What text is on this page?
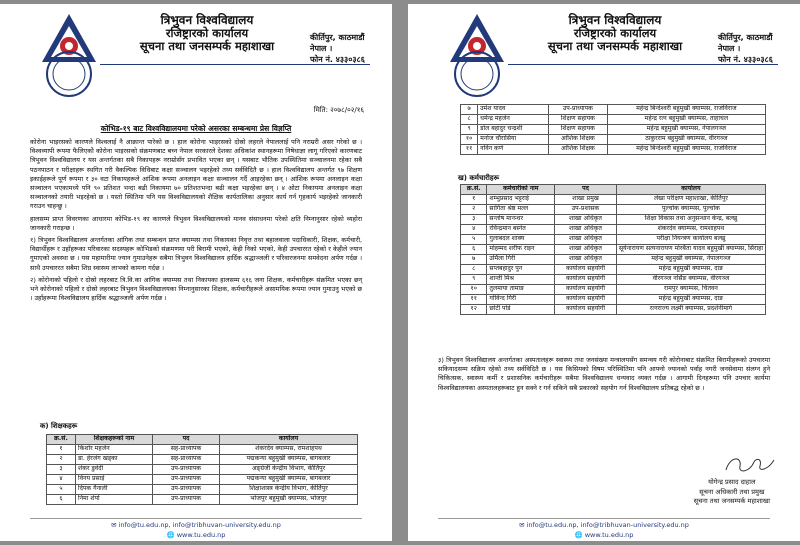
त्रिभुवन विश्वविद्यालय
रजिष्ट्रारको कार्यालय
सूचना तथा जनसम्पर्क महाशाखा
कीर्तिपुर, काठमाडौं
नेपाल ।
फोन नं. ४३३०३८६
मिति: २०७८/०२/१६
कोभिड-१९ बाट विश्वविद्यालयमा परेको असरका सम्बन्धमा प्रेस विज्ञप्ति

कोरोना भाइरसको कारणले विश्वलाई नै आक्रान्त पारेको छ । हाल कोरोना भाइरसको दोस्रो लहरले नेपाललाई पनि नराम्ररी असर गरेको छ । विश्वव्यापी रूपमा फैलिएकोे कोरोना भाइरसको संक्रमणबाट बच्न नेपाल सरकारले देशका अधिकांश स्थानहरूमा निषेधाज्ञा लागू गरिएको कारणबाट त्रिभुवन विश्वविद्यालय र यस अन्तर्गतका सबै निकायहरू नराम्रोसँग प्रभावित भएका छन् । यसबाट भौतिक उपस्थितिमा सञ्चालनमा रहेका सबै पठनपाठन र परीक्षाहरू स्थगित गरी वैकल्पिक विधिबाट कक्षा सञ्चालन भइरहेको तथ्य सर्वविदितै छ । हाल विश्वविद्यालय अन्तर्गत ९७ शिक्षण इकाईहरूले पूर्ण रूपमा र ३० वटा निकायहरूले आंशिक रूपमा अनलाइन कक्षा सञ्चालन गर्दै आइरहेका छन् । आंशिक रूपमा अनलाइन कक्षा सञ्चालन भएकामध्ये पनि ९० प्रतिशत भन्दा बढी निकायमा ७० प्रतिशतभन्दा बढी कक्षा भइरहेका छन् । ४ ओटा निकायमा अनलाइन कक्षा सञ्चालनको तयारी भइरहेको छ । यस्तो स्थितिमा पनि यस विश्वविद्यालयको शैक्षिक कार्यतालिका अनुसार कार्य गर्न गृहकार्य भइरहेको जानकारी गराउन चाहन्छु ।

हालसम्म प्राप्त विवरणका आधारमा कोभिड-१९ का कारणले त्रिभुवन विश्वविद्यालयको मानव संसाधनमा परेको क्षति निम्नानुसार रहेको व्यहोरा जानकारी गराइन्छ ।

१) त्रिभुवन विश्वविद्यालय अन्तर्गतका आंगिक तथा सम्बन्धन प्राप्त क्याम्पस तथा निकायका निवृत्त तथा बहालवाला पदाधिकारी, शिक्षक, कर्मचारी, विद्यार्थीहरू र उहाँहरूका परिवारका सदस्यहरू कोभिडको संक्रमणमा परी बिरामी भएको, केही निको भएको, केही उपचाररत रहेको र केहीले ज्यान गुमाएको अवस्था छ । यस महामारीमा ज्यान गुमाउनेहरू सबैमा त्रिभुवन विश्वविद्यालय हार्दिक श्रद्धाञ्जली र परिवारजनमा समवेदना अर्पण गर्दछ । साथै उपचाररत सबैमा शिघ्र स्वास्थ्य लाभको कामना गर्दछ ।

२) कोरोनाको पहिलो र दोस्रो लहरबाट त्रि.वि.का आंगिक क्याम्पस तथा निकायका हालसम्म ६१६ जना शिक्षक, कर्मचारीहरू संक्रमित भएका छन् भने कोरोनाको पहिलो र दोस्रो लहरबाट त्रिभुवन विश्वविद्यालयका निम्नानुसारका शिक्षक, कर्मचारीहरूले असामयिक रूपमा ज्यान गुमाउनु भएको छ । उहाँहरूमा विश्वविद्यालय हार्दिक श्रद्धाञ्जली अर्पण गर्दछ ।

क) शिक्षकहरू
क्र.सं.	शिक्षकहरूको नाम	पद	कार्यालय
१	किशोर महर्जन	सह-प्राध्यापक	शंकरदेव क्याम्पस, रामशाहपथ
२	डा. हेरजंग खड्का	सह-प्राध्यापक	पद्मकन्या बहुमुखी क्याम्पस, बागबजार
३	शंकर डुवेदी	उप-प्राध्यापक	अङ्ग्रेजी केन्द्रीय विभाग, कीर्तिपुर
४	विनय प्रसाई	उप-प्राध्यापक	पद्मकन्या बहुमुखी क्याम्पस, बागबजार
५	दिपक गैनाली	उप-प्राध्यापक	शिक्षाशास्त्र केन्द्रीय विभाग, कीर्तिपुर
६	निमा शेर्पा	उप-प्राध्यापक	भोजपुर बहुमुखी क्याम्पस, भोजपुर
✉ info@tu.edu.np, info@tribhuvan-university.edu.np
🌐 www.tu.edu.np
त्रिभुवन विश्वविद्यालय
रजिष्ट्रारको कार्यालय
सूचना तथा जनसम्पर्क महाशाखा
कीर्तिपुर, काठमाडौं
नेपाल ।
फोन नं. ४३३०३८६
७	उमेश यादव	उप-प्राध्यापक	महेन्द्र बिन्देश्वरी बहुमुखी क्याम्पस, राजविराज
८	धर्मेन्द्र महर्जन	शिक्षण सहायक	महेन्द्र रत्न बहुमुखी क्याम्पस, ताहाचल
९	डोल बहादुर चन्द्रशी	शिक्षण सहायक	महेन्द्र बहुमुखी क्याम्पस, नेपालगञ्ज
१०	मनोज चौरासिया	आंशिक शिक्षक	ठाकुरराम बहुमुखी क्याम्पस, वीरगञ्ज
११	नविन कर्ण	आंशिक शिक्षक	महेन्द्र बिन्देश्वरी बहुमुखी क्याम्पस, राजविराज
ख) कर्मचारीहरू
क्र.सं.	कर्मचारीको नाम	पद	कार्यालय
१	शम्भुप्रसाद भट्टराई	शाखा प्रमुख	लेखा परीक्षण महाशाखा, कीर्तिपुर
२	सागिता श्रेष्ठ मल्ल	उप-प्रशासक	पुल्चोक क्याम्पस, पुल्चोक
३	सन्तोष मानन्धर	शाखा अधिकृत	शिक्षा विकास तथा अनुसन्धान केन्द्र, बल्खु
४	रविन्द्रमान बस्नेत	शाखा अधिकृत	शंकरदेव क्याम्पस, रामशाहपथ
५	गुलाबदल शाक्य	शाखा अधिकृत	परीक्षा नियन्त्रण कार्यालय बल्खु
६	मोहम्मद शरीफ राइन	शाखा अधिकृत	सूर्यनारायण सत्यनारायण मोरबैता यादव बहुमुखी क्याम्पस, सिराहा
७	उर्मिला गिरी	शाखा अधिकृत	महेन्द्र बहुमुखी क्याम्पस, नेपालगञ्ज
८	सप्तबहादुर पुन	कार्यालय सहयोगी	महेन्द्र बहुमुखी क्याम्पस, दाङ
९	शान्ती मिश्र	कार्यालय सहयोगी	वीरगञ्ज नर्सिङ क्याम्पस, वीरगञ्ज
१०	तुलमाया तामाङ	कार्यालय सहयोगी	रामपुर क्याम्पस, चितवन
११	गोविन्द गिरी	कार्यालय सहयोगी	महेन्द्र बहुमुखी क्याम्पस, दाङ
१२	छोटी पोडे	कार्यालय सहयोगी	रत्नराज्य लक्ष्मी क्याम्पस, प्रदर्शनीमार्ग

३) त्रिभुवन विश्वविद्यालय अन्तर्गतका अस्पतालहरू स्वास्थ्य तथा जनसंख्या मन्त्रालयसँग समन्वय गरी कोरोनाबाट संक्रमित बिरामीहरूको उपचारमा सकियादसम्म सक्रिय रहेको तथ्य सर्वविदितै छ । यस किसिमको विषम परिस्थितिमा पनि आफ्नो ज्यानको पर्वाह नगरी जनसेवामा संलग्न हुने चिकित्सक, स्वास्थ्य कर्मी र प्रशासनिक कर्मचारीहरू सबैमा विश्वविद्यालय धन्यवाद व्यक्त गर्दछ । आगामी दिनहरूमा पनि उपचार कार्यमा विश्वविद्यालयका अस्पतालहरूबाट हुन सक्ने र गर्न सकिने सबै प्रकारको सहयोग गर्न विश्वविद्यालय प्रतिबद्ध रहेको छ ।

योगेन्द्र प्रसाद दाहाल
सूचना अधिकारी तथा प्रमुख
सूचना तथा जनसम्पर्क महाशाखा
✉ info@tu.edu.np, info@tribhuvan-university.edu.np
🌐 www.tu.edu.np
